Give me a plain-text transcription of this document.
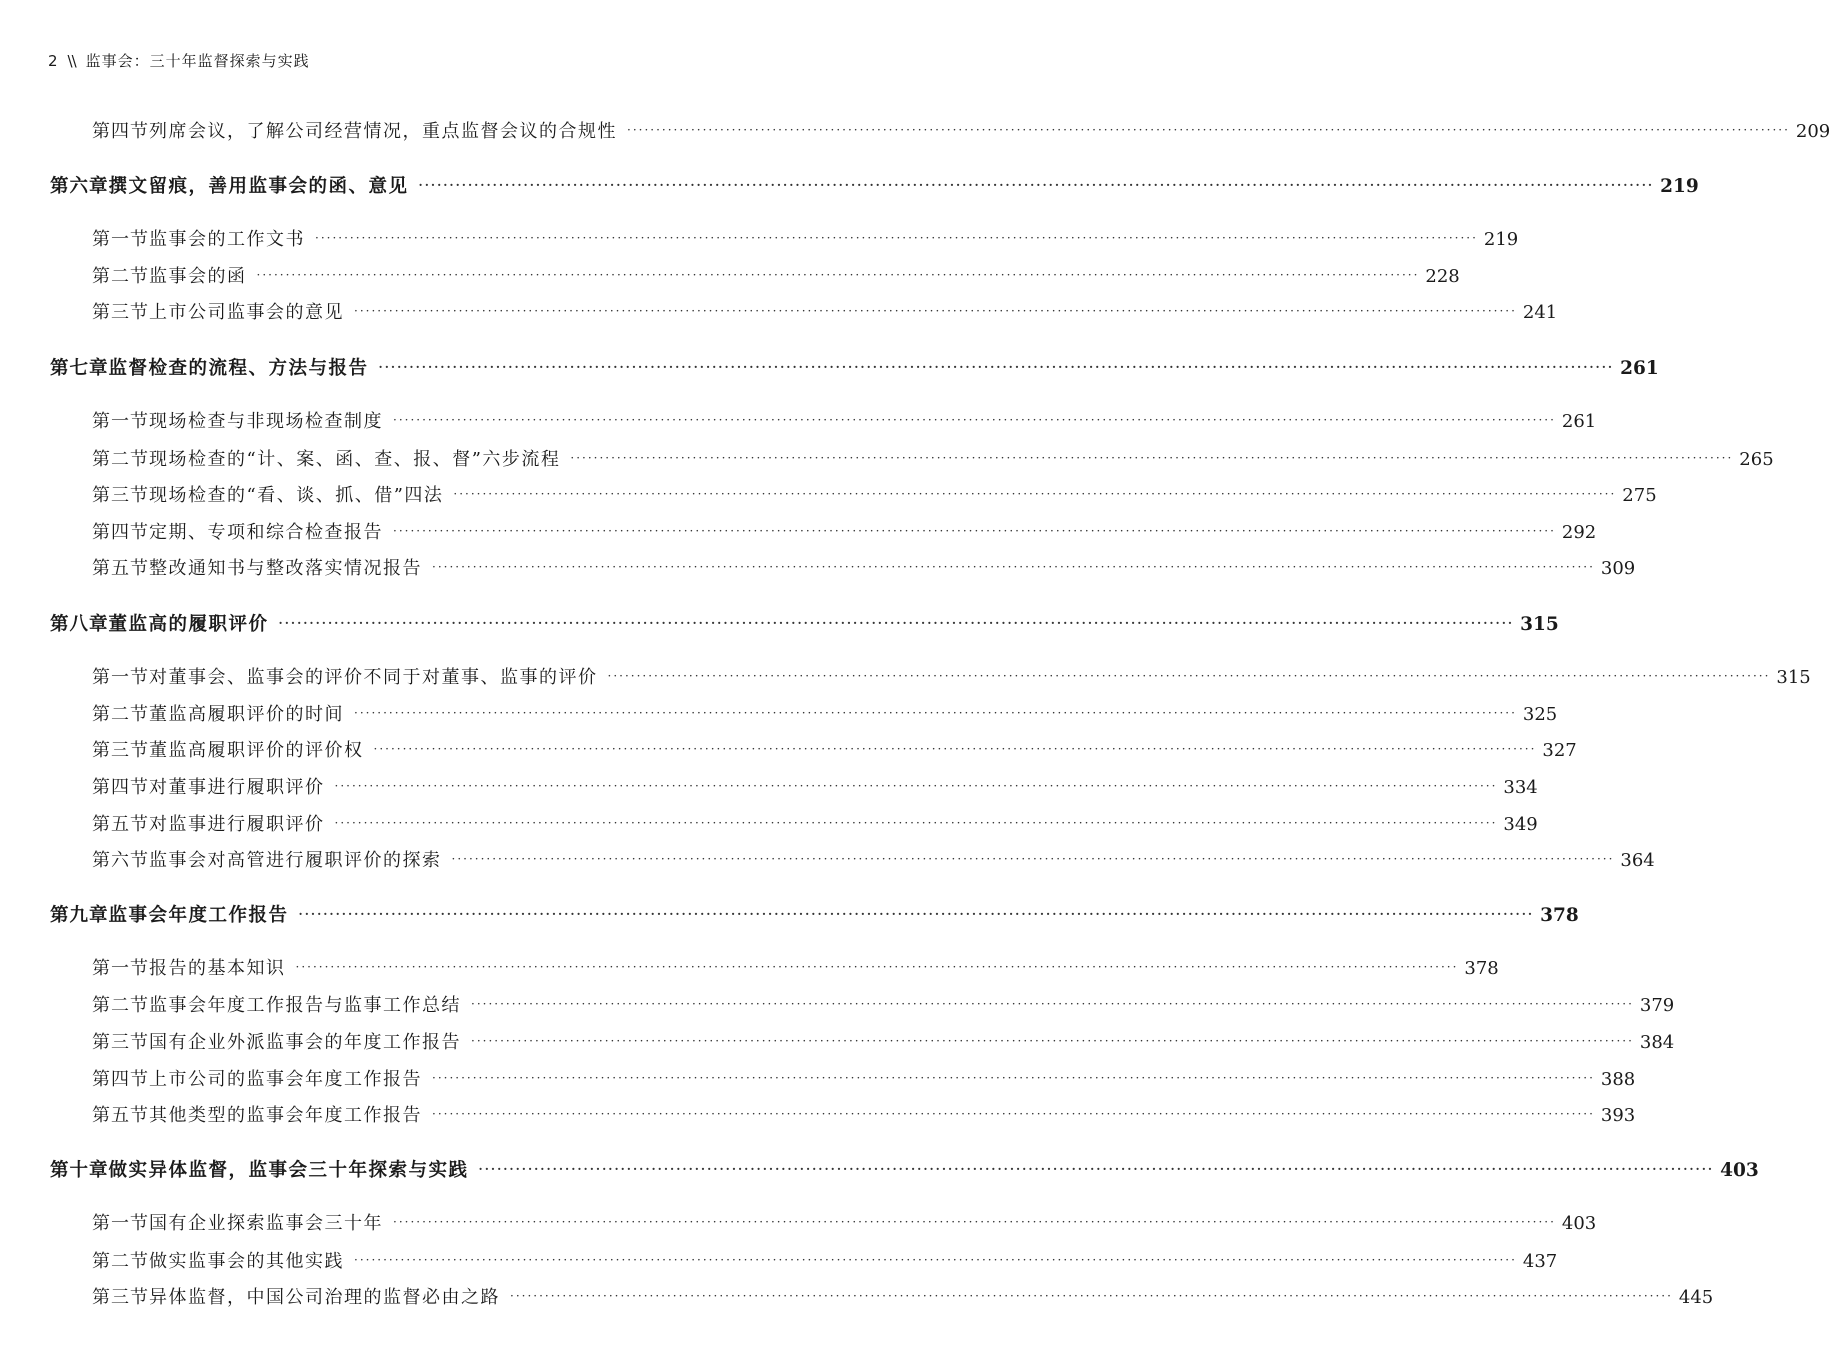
2 \\ 监事会：三十年监督探索与实践
第四节 列席会议，了解公司经营情况，重点监督会议的合规性 ········································································································································································································ 209
第六章 撰文留痕，善用监事会的函、意见 ········································································································································································································ 219
第一节 监事会的工作文书 ········································································································································································································ 219
第二节 监事会的函 ········································································································································································································ 228
第三节 上市公司监事会的意见 ········································································································································································································ 241
第七章 监督检查的流程、方法与报告 ········································································································································································································ 261
第一节 现场检查与非现场检查制度 ········································································································································································································ 261
第二节 现场检查的“计、案、函、查、报、督”六步流程 ········································································································································································································ 265
第三节 现场检查的“看、谈、抓、借”四法 ········································································································································································································ 275
第四节 定期、专项和综合检查报告 ········································································································································································································ 292
第五节 整改通知书与整改落实情况报告 ········································································································································································································ 309
第八章 董监高的履职评价 ········································································································································································································ 315
第一节 对董事会、监事会的评价不同于对董事、监事的评价 ········································································································································································································ 315
第二节 董监高履职评价的时间 ········································································································································································································ 325
第三节 董监高履职评价的评价权 ········································································································································································································ 327
第四节 对董事进行履职评价 ········································································································································································································ 334
第五节 对监事进行履职评价 ········································································································································································································ 349
第六节 监事会对高管进行履职评价的探索 ········································································································································································································ 364
第九章 监事会年度工作报告 ········································································································································································································ 378
第一节 报告的基本知识 ········································································································································································································ 378
第二节 监事会年度工作报告与监事工作总结 ········································································································································································································ 379
第三节 国有企业外派监事会的年度工作报告 ········································································································································································································ 384
第四节 上市公司的监事会年度工作报告 ········································································································································································································ 388
第五节 其他类型的监事会年度工作报告 ········································································································································································································ 393
第十章 做实异体监督，监事会三十年探索与实践 ········································································································································································································ 403
第一节 国有企业探索监事会三十年 ········································································································································································································ 403
第二节 做实监事会的其他实践 ········································································································································································································ 437
第三节 异体监督，中国公司治理的监督必由之路 ········································································································································································································ 445
